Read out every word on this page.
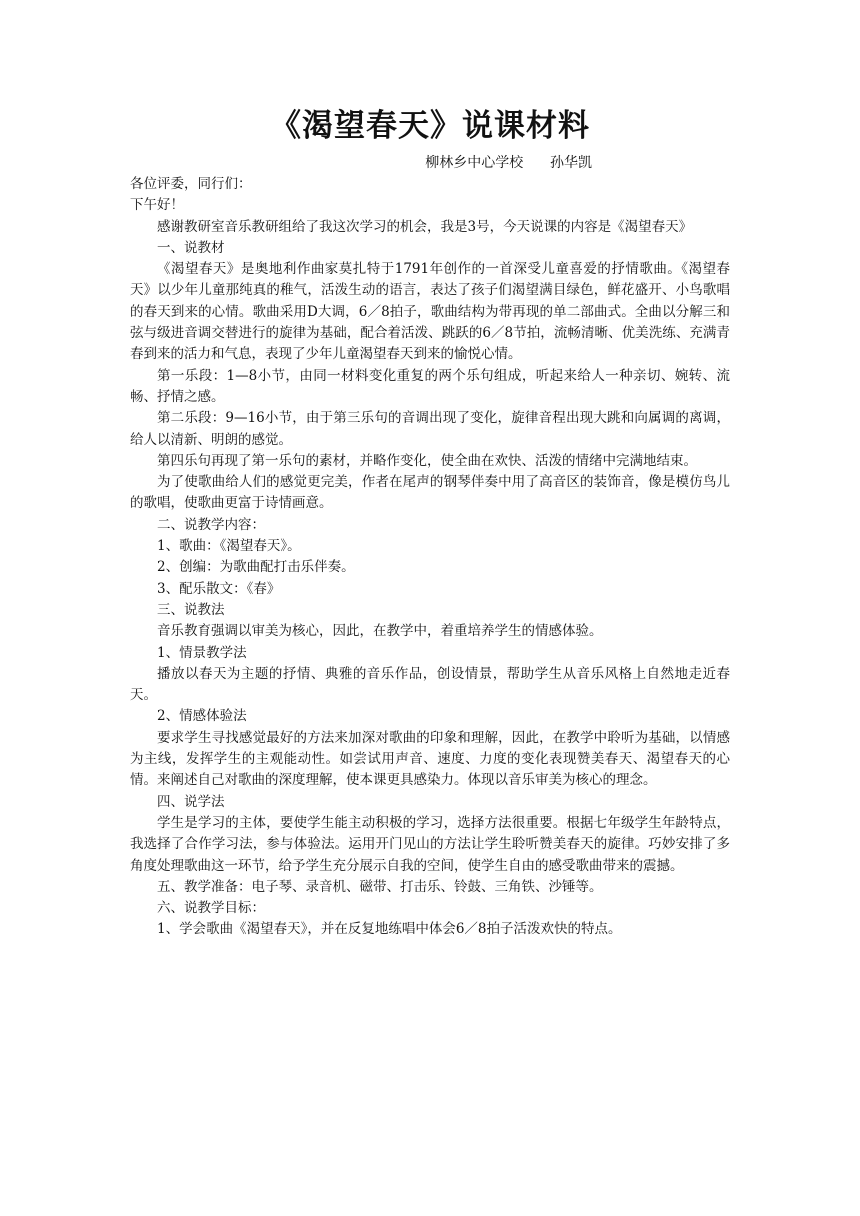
《渴望春天》说课材料
柳林乡中心学校      孙华凯

各位评委，同行们：

下午好！

感谢教研室音乐教研组给了我这次学习的机会，我是3号，今天说课的内容是《渴望春天》

一、说教材

《渴望春天》是奥地利作曲家莫扎特于1791年创作的一首深受儿童喜爱的抒情歌曲。《渴望春天》以少年儿童那纯真的稚气，活泼生动的语言，表达了孩子们渴望满目绿色，鲜花盛开、小鸟歌唱的春天到来的心情。歌曲采用D大调，6／8拍子，歌曲结构为带再现的单二部曲式。全曲以分解三和弦与级进音调交替进行的旋律为基础，配合着活泼、跳跃的6／8节拍，流畅清晰、优美洗练、充满青春到来的活力和气息，表现了少年儿童渴望春天到来的愉悦心情。

第一乐段：1—8小节，由同一材料变化重复的两个乐句组成，听起来给人一种亲切、婉转、流畅、抒情之感。

第二乐段：9—16小节，由于第三乐句的音调出现了变化，旋律音程出现大跳和向属调的离调，给人以清新、明朗的感觉。

第四乐句再现了第一乐句的素材，并略作变化，使全曲在欢快、活泼的情绪中完满地结束。

为了使歌曲给人们的感觉更完美，作者在尾声的钢琴伴奏中用了高音区的装饰音，像是模仿鸟儿的歌唱，使歌曲更富于诗情画意。

二、说教学内容：

1、歌曲：《渴望春天》。

2、创编：为歌曲配打击乐伴奏。

3、配乐散文：《春》

三、说教法

音乐教育强调以审美为核心，因此，在教学中，着重培养学生的情感体验。

1、情景教学法

播放以春天为主题的抒情、典雅的音乐作品，创设情景，帮助学生从音乐风格上自然地走近春天。

2、情感体验法

要求学生寻找感觉最好的方法来加深对歌曲的印象和理解，因此，在教学中聆听为基础，以情感为主线，发挥学生的主观能动性。如尝试用声音、速度、力度的变化表现赞美春天、渴望春天的心情。来阐述自己对歌曲的深度理解，使本课更具感染力。体现以音乐审美为核心的理念。

四、说学法

学生是学习的主体，要使学生能主动积极的学习，选择方法很重要。根据七年级学生年龄特点，我选择了合作学习法，参与体验法。运用开门见山的方法让学生聆听赞美春天的旋律。巧妙安排了多角度处理歌曲这一环节，给予学生充分展示自我的空间，使学生自由的感受歌曲带来的震撼。

五、教学准备：电子琴、录音机、磁带、打击乐、铃鼓、三角铁、沙锤等。

六、说教学目标：

1、学会歌曲《渴望春天》，并在反复地练唱中体会6／8拍子活泼欢快的特点。
